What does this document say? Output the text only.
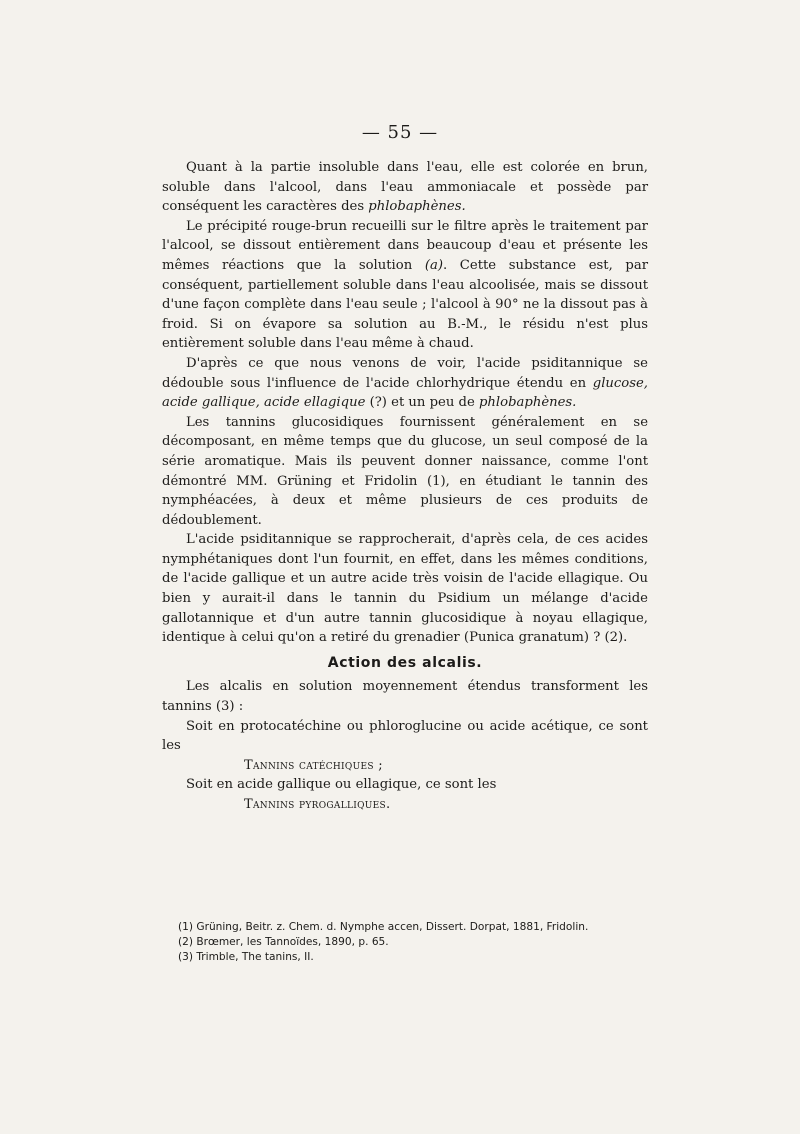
— 55 —

Quant à la partie insoluble dans l'eau, elle est colorée en brun, soluble dans l'alcool, dans l'eau ammoniacale et possède par conséquent les caractères des phlobaphènes.

Le précipité rouge-brun recueilli sur le filtre après le traitement par l'alcool, se dissout entièrement dans beaucoup d'eau et présente les mêmes réactions que la solution (a). Cette substance est, par conséquent, partiellement soluble dans l'eau alcoolisée, mais se dissout d'une façon complète dans l'eau seule ; l'alcool à 90° ne la dissout pas à froid. Si on évapore sa solution au B.-M., le résidu n'est plus entièrement soluble dans l'eau même à chaud.

D'après ce que nous venons de voir, l'acide psiditannique se dédouble sous l'influence de l'acide chlorhydrique étendu en glucose, acide gallique, acide ellagique (?) et un peu de phlobaphènes.

Les tannins glucosidiques fournissent généralement en se décomposant, en même temps que du glucose, un seul composé de la série aromatique. Mais ils peuvent donner naissance, comme l'ont démontré MM. Grüning et Fridolin (1), en étudiant le tannin des nymphéacées, à deux et même plusieurs de ces produits de dédoublement.

L'acide psiditannique se rapprocherait, d'après cela, de ces acides nymphétaniques dont l'un fournit, en effet, dans les mêmes conditions, de l'acide gallique et un autre acide très voisin de l'acide ellagique. Ou bien y aurait-il dans le tannin du Psidium un mélange d'acide gallotannique et d'un autre tannin glucosidique à noyau ellagique, identique à celui qu'on a retiré du grenadier (Punica granatum) ? (2).

Action des alcalis.

Les alcalis en solution moyennement étendus transforment les tannins (3) :

Soit en protocatéchine ou phloroglucine ou acide acétique, ce sont les

Tannins catéchiques ;

Soit en acide gallique ou ellagique, ce sont les

Tannins pyrogalliques.

(1) Grüning, Beitr. z. Chem. d. Nymphe accen, Dissert. Dorpat, 1881, Fridolin.
(2) Brœmer, les Tannoïdes, 1890, p. 65.
(3) Trimble, The tanins, II.
